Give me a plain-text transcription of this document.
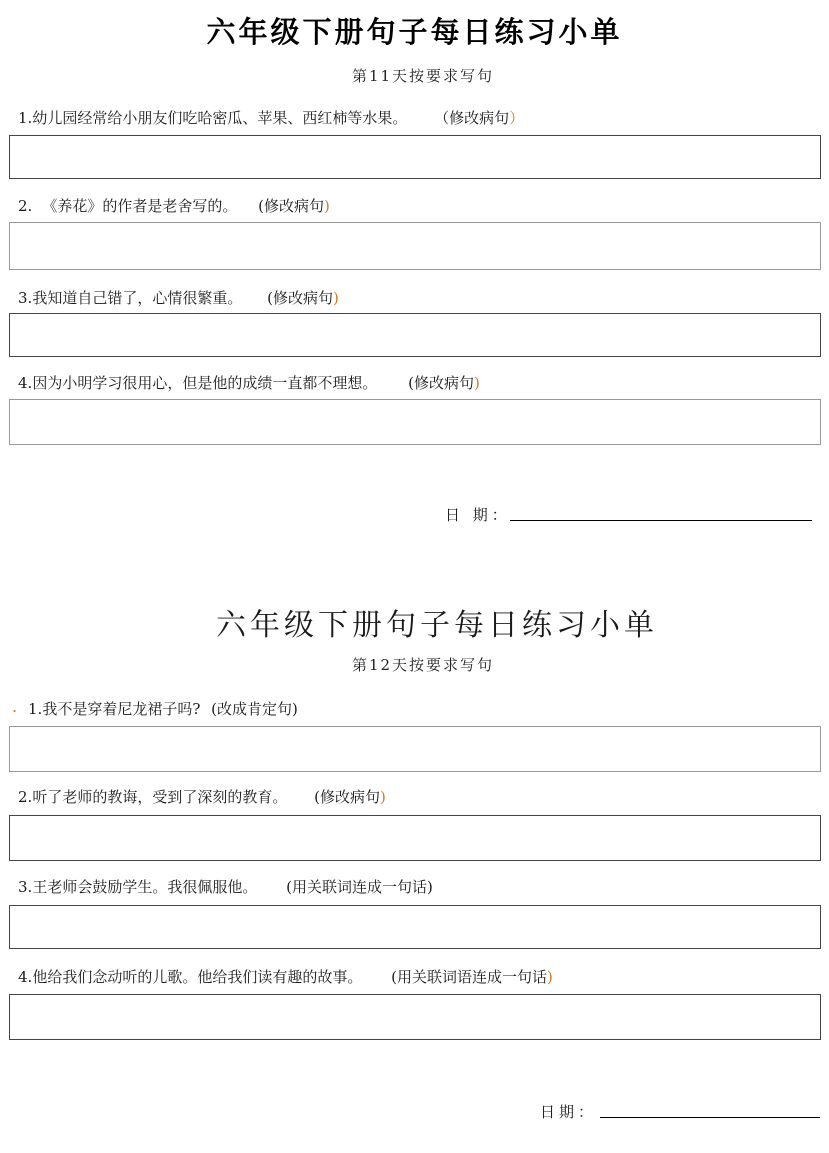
六年级下册句子每日练习小单
第11天按要求写句
1.幼儿园经常给小朋友们吃哈密瓜、苹果、西红柿等水果。 （修改病句）
2. 《养花》的作者是老舍写的。 (修改病句)
3.我知道自己错了，心情很繁重。 (修改病句)
4.因为小明学习很用心，但是他的成绩一直都不理想。 (修改病句)
日 期：
六年级下册句子每日练习小单
第12天按要求写句
. 1.我不是穿着尼龙裙子吗? (改成肯定句)
2.听了老师的教诲，受到了深刻的教育。 (修改病句)
3.王老师会鼓励学生。我很佩服他。 (用关联词连成一句话)
4.他给我们念动听的儿歌。他给我们读有趣的故事。 (用关联词语连成一句话)
日期：
